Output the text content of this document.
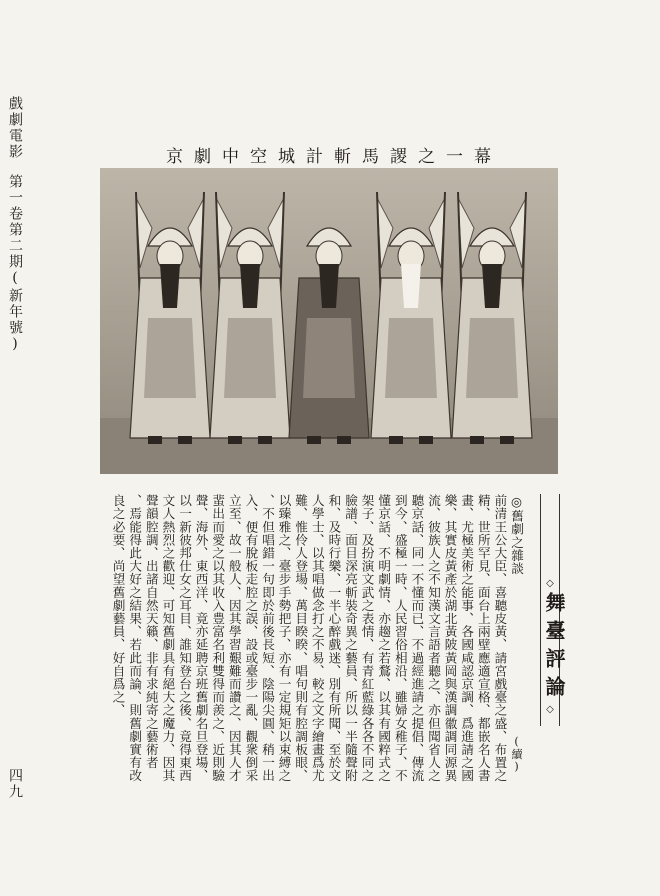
戲劇電影第一卷第二期(新年號)
四九
京劇中空城計斬馬謖之一幕
◇
舞臺評論
◇
◎舊劇之雜談(續)
前清王公大臣、喜聽皮黃、請宮戲臺之盛、布置之
精、世所罕見、面台上兩壁應適宣格、都嵌名人書
畫、尤極美術之能事、各國咸認京調、爲進請之國
樂、其實皮黃產於湖北黃陂黃岡與漢調徽調同源異
流、彼族人之不知漢文言語者聽之、亦但聞省人之
聽京話、同一不懂而已、不過經進請之提倡、傳流
到今、盛極一時、人民習俗相沿、雖婦女稚子、不
懂京話、不明劇情、亦趨之若鶩、以其有國粹式之
架子、及扮演文武之表情、有青紅藍綠各各不同之
臉譜、面目深亮斬裝奇異之藝員、所以一半隨聲附
和、及時行樂、一半心醉戲迷、別有所聞、至於文
人學士、以其唱做念打之不易、較之文字繪畫爲尤
難、惟伶人登場、萬目睽睽、唱句則有腔調板眼、
以臻雅之、臺步手勢把子、亦有一定規矩以束縛之
、不但唱錯一句即於前後長短、陰陽尖圓、稍一出
入、便有脫板走腔之誤、設或臺步一亂、觀衆倒采
立至、故一般人、因其學習艱難而讚之、因其人才
蜚出而愛之以其收入豊富名利雙得而羨之、近則驗
聲、海外、東西洋、竟亦延聘京班舊劇名旦登場、
以一新彼邦仕女之耳目、誰知登台之後、竟得東西
文人熱烈之歡迎、可知舊劇具有絕大之魔力、因其
聲韻腔調、出諸自然天籟、非有求純寄之藝術者
、焉能得此大好之結果、若此而論、則舊劇實有改
良之必要、尚望舊劇藝員、好自爲之、
